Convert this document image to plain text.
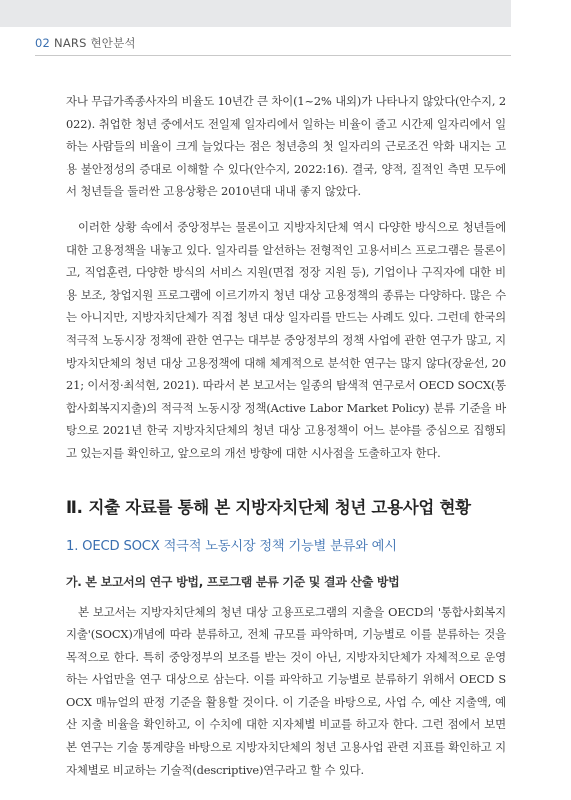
02 NARS 현안분석

자나 무급가족종사자의 비율도 10년간 큰 차이(1~2% 내외)가 나타나지 않았다(안수지, 2022). 취업한 청년 중에서도 전일제 일자리에서 일하는 비율이 줄고 시간제 일자리에서 일하는 사람들의 비율이 크게 늘었다는 점은 청년층의 첫 일자리의 근로조건 악화 내지는 고용 불안정성의 증대로 이해할 수 있다(안수지, 2022:16). 결국, 양적, 질적인 측면 모두에서 청년들을 둘러싼 고용상황은 2010년대 내내 좋지 않았다.

이러한 상황 속에서 중앙정부는 물론이고 지방자치단체 역시 다양한 방식으로 청년들에 대한 고용정책을 내놓고 있다. 일자리를 알선하는 전형적인 고용서비스 프로그램은 물론이고, 직업훈련, 다양한 방식의 서비스 지원(면접 정장 지원 등), 기업이나 구직자에 대한 비용 보조, 창업지원 프로그램에 이르기까지 청년 대상 고용정책의 종류는 다양하다. 많은 수는 아니지만, 지방자치단체가 직접 청년 대상 일자리를 만드는 사례도 있다. 그런데 한국의 적극적 노동시장 정책에 관한 연구는 대부분 중앙정부의 정책 사업에 관한 연구가 많고, 지방자치단체의 청년 대상 고용정책에 대해 체계적으로 분석한 연구는 많지 않다(장윤선, 2021; 이서정·최석현, 2021). 따라서 본 보고서는 일종의 탐색적 연구로서 OECD SOCX(통합사회복지지출)의 적극적 노동시장 정책(Active Labor Market Policy) 분류 기준을 바탕으로 2021년 한국 지방자치단체의 청년 대상 고용정책이 어느 분야를 중심으로 집행되고 있는지를 확인하고, 앞으로의 개선 방향에 대한 시사점을 도출하고자 한다.

Ⅱ. 지출 자료를 통해 본 지방자치단체 청년 고용사업 현황
1. OECD SOCX 적극적 노동시장 정책 기능별 분류와 예시
가. 본 보고서의 연구 방법, 프로그램 분류 기준 및 결과 산출 방법

본 보고서는 지방자치단체의 청년 대상 고용프로그램의 지출을 OECD의 '통합사회복지지출'(SOCX)개념에 따라 분류하고, 전체 규모를 파악하며, 기능별로 이를 분류하는 것을 목적으로 한다. 특히 중앙정부의 보조를 받는 것이 아닌, 지방자치단체가 자체적으로 운영하는 사업만을 연구 대상으로 삼는다. 이를 파악하고 기능별로 분류하기 위해서 OECD SOCX 매뉴얼의 판정 기준을 활용할 것이다. 이 기준을 바탕으로, 사업 수, 예산 지출액, 예산 지출 비율을 확인하고, 이 수치에 대한 지자체별 비교를 하고자 한다. 그런 점에서 보면 본 연구는 기술 통계량을 바탕으로 지방자치단체의 청년 고용사업 관련 지표를 확인하고 지자체별로 비교하는 기술적(descriptive)연구라고 할 수 있다.
